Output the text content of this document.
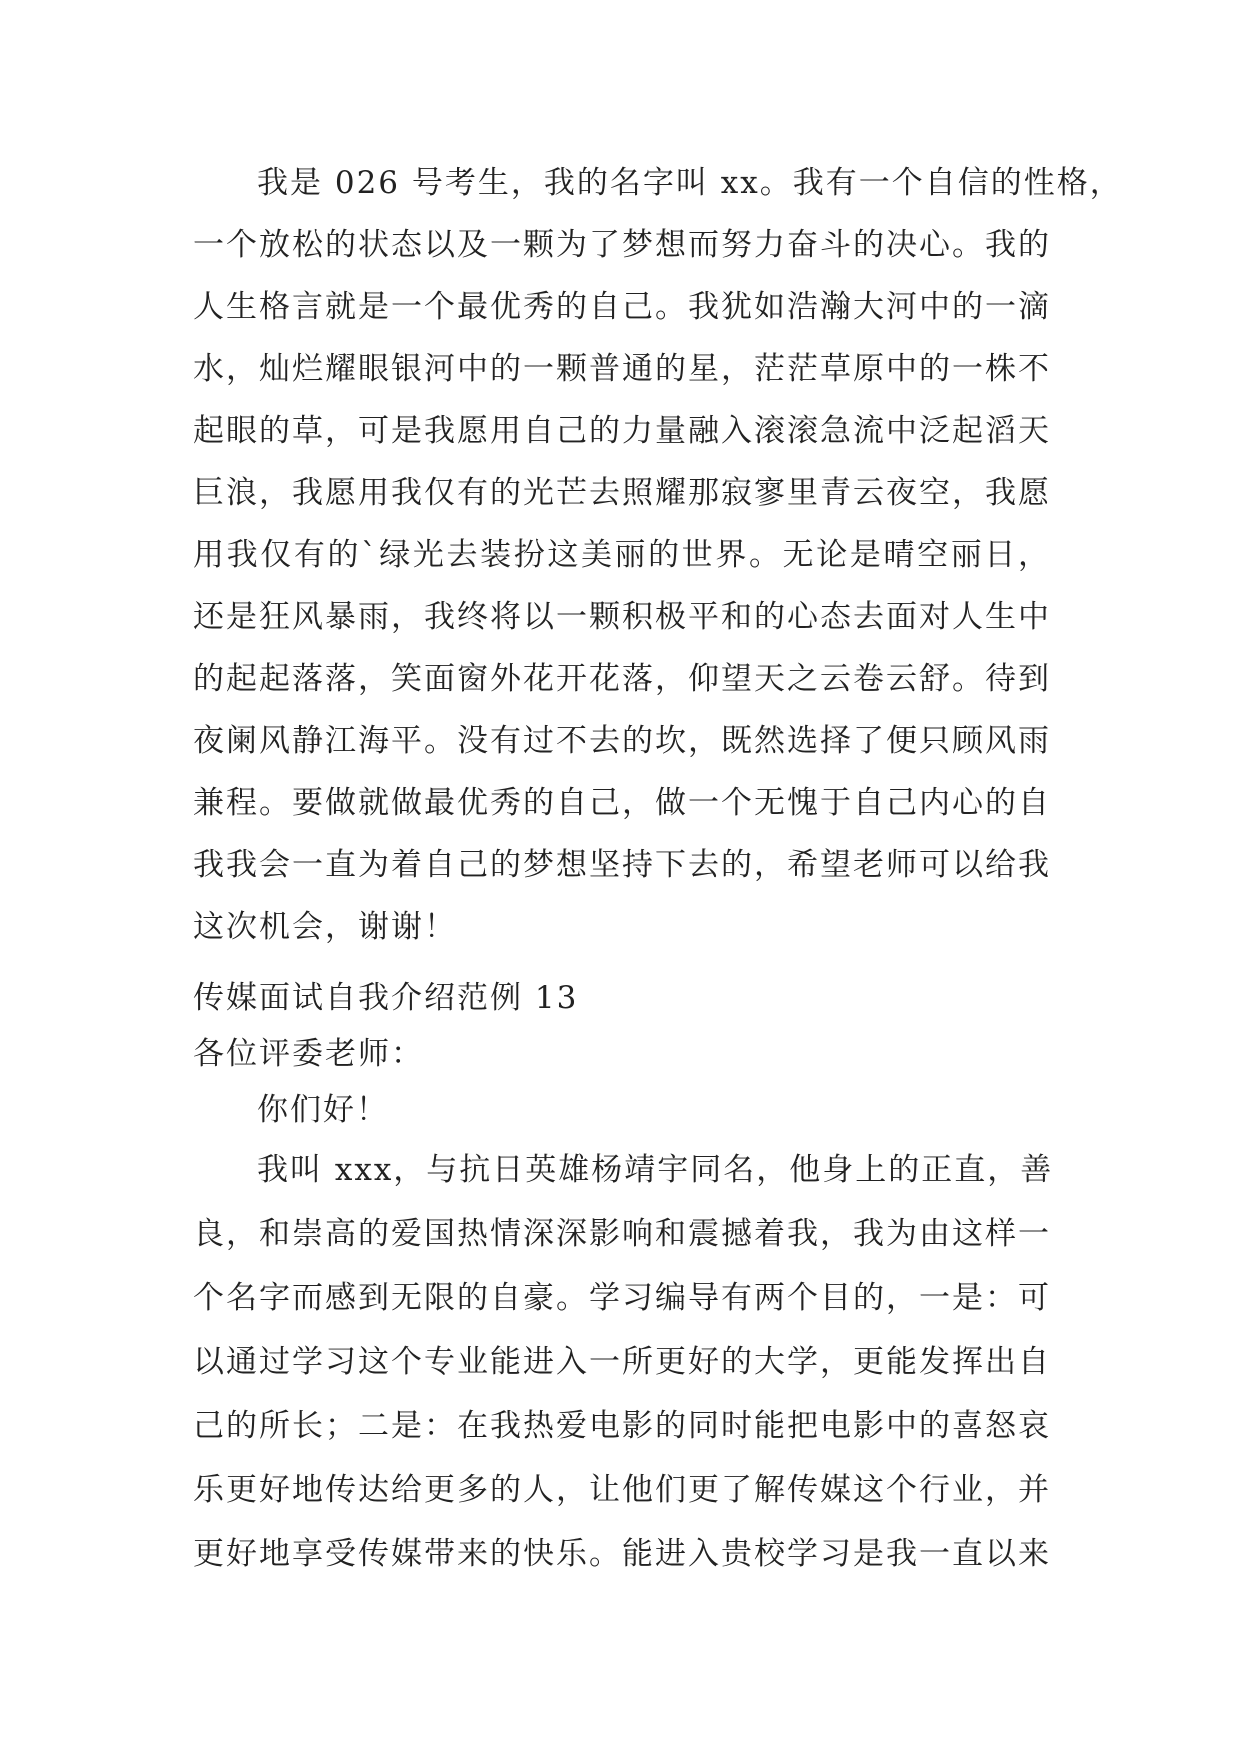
我是 026 号考生，我的名字叫 xx。我有一个自信的性格，
一个放松的状态以及一颗为了梦想而努力奋斗的决心。我的
人生格言就是一个最优秀的自己。我犹如浩瀚大河中的一滴
水，灿烂耀眼银河中的一颗普通的星，茫茫草原中的一株不
起眼的草，可是我愿用自己的力量融入滚滚急流中泛起滔天
巨浪，我愿用我仅有的光芒去照耀那寂寥里青云夜空，我愿
用我仅有的`绿光去装扮这美丽的世界。无论是晴空丽日，
还是狂风暴雨，我终将以一颗积极平和的心态去面对人生中
的起起落落，笑面窗外花开花落，仰望天之云卷云舒。待到
夜阑风静江海平。没有过不去的坎，既然选择了便只顾风雨
兼程。要做就做最优秀的自己，做一个无愧于自己内心的自
我我会一直为着自己的梦想坚持下去的，希望老师可以给我
这次机会，谢谢！
传媒面试自我介绍范例 13
各位评委老师：
你们好！
我叫 xxx，与抗日英雄杨靖宇同名，他身上的正直，善
良，和崇高的爱国热情深深影响和震撼着我，我为由这样一
个名字而感到无限的自豪。学习编导有两个目的，一是：可
以通过学习这个专业能进入一所更好的大学，更能发挥出自
己的所长；二是：在我热爱电影的同时能把电影中的喜怒哀
乐更好地传达给更多的人，让他们更了解传媒这个行业，并
更好地享受传媒带来的快乐。能进入贵校学习是我一直以来
